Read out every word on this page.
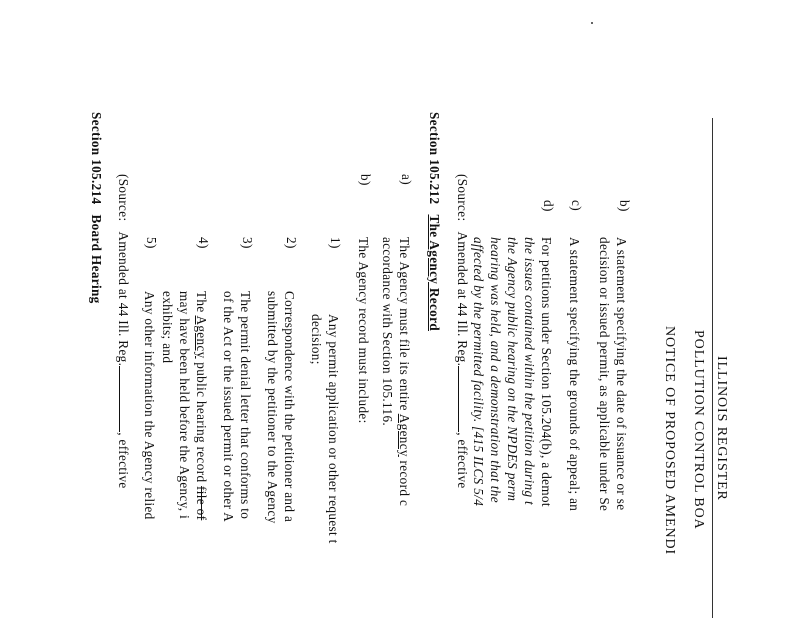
ILLINOIS REGISTER
POLLUTION CONTROL BOA
NOTICE OF PROPOSED AMENDI
b)
A statement specifying the date of issuance or se
decision or issued permit, as applicable under Se
c)
A statement specifying the grounds of appeal; an
d)
For petitions under Section 105.204(b), a demot
the issues contained within the petition during t
the Agency public hearing on the NPDES perm
hearing was held, and a demonstration that the
affected by the permitted facility. [415 ILCS 5/4
(Source:Amended at 44 Ill. Reg., effective
Section 105.212The Agency Record
a)
The Agency must file its entire Agency record c
accordance with Section 105.116.
b)
The Agency record must include:
1)
Any permit application or other request t
decision;
2)
Correspondence with the petitioner and a
submitted by the petitioner to the Agency
3)
The permit denial letter that conforms to
of the Act or the issued permit or other A
4)
The Agency public hearing record file of
may have been held before the Agency, i
exhibits; and
5)
Any other information the Agency relied
(Source:Amended at 44 Ill. Reg., effective
Section 105.214Board Hearing
